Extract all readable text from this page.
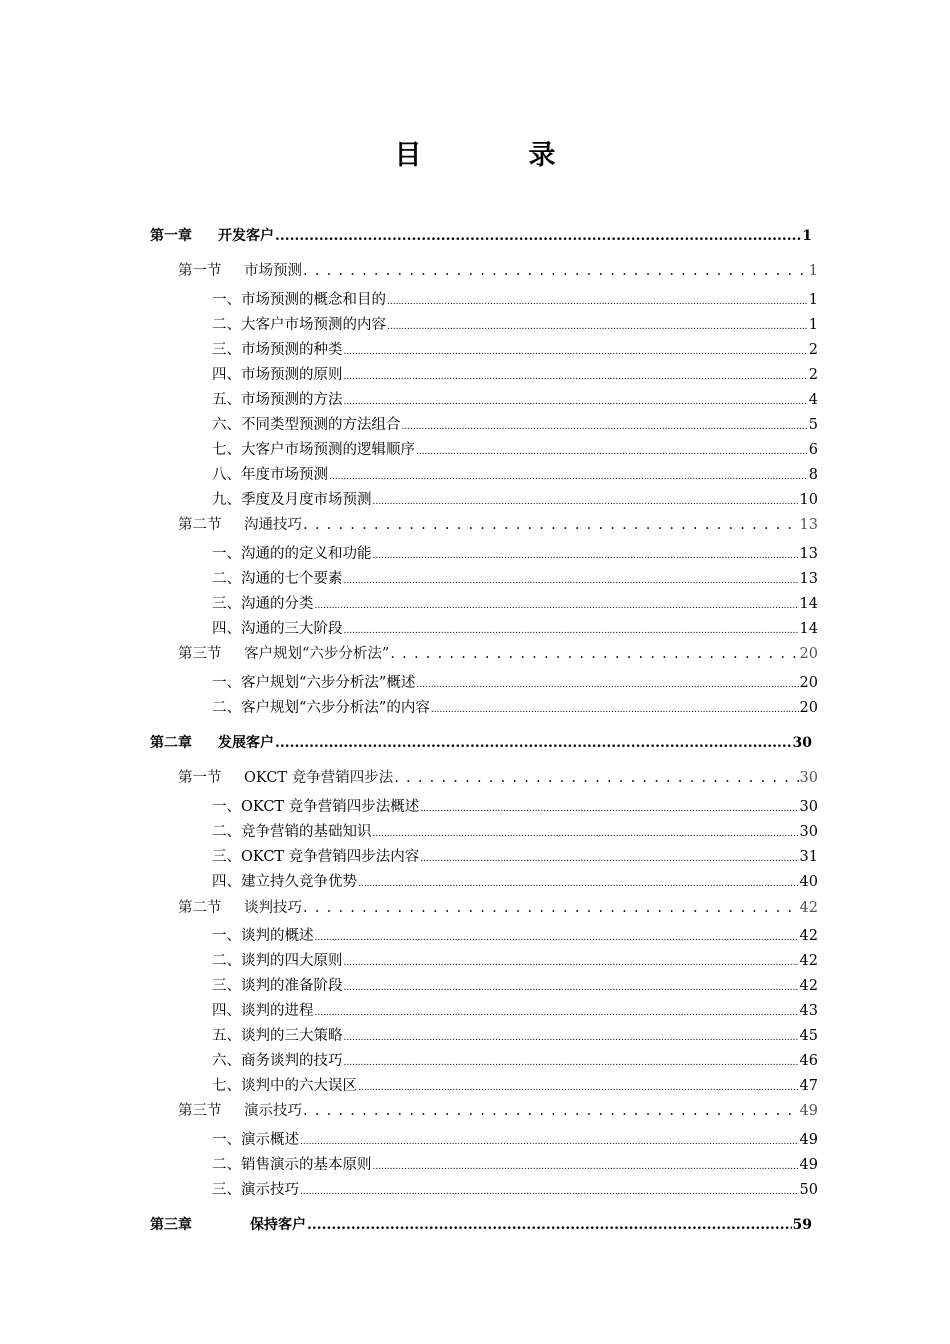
目　录
第一章	开发客户 .....	1
第一节	市场预测 . . .	1
一、市场预测的概念和目的 .....	1
二、大客户市场预测的内容 .....	1
三、市场预测的种类 .....	2
四、市场预测的原则 .....	2
五、市场预测的方法 .....	4
六、不同类型预测的方法组合 .....	5
七、大客户市场预测的逻辑顺序 .....	6
八、年度市场预测 .....	8
九、季度及月度市场预测 .....	10
第二节	沟通技巧 . . .	13
一、沟通的的定义和功能 .....	13
二、沟通的七个要素 .....	13
三、沟通的分类 .....	14
四、沟通的三大阶段 .....	14
第三节	客户规划“六步分析法” . . .	20
一、客户规划“六步分析法”概述 .....	20
二、客户规划“六步分析法”的内容 .....	20
第二章	发展客户 .....	30
第一节	OKCT 竞争营销四步法 . . .	30
一、OKCT 竞争营销四步法概述 .....	30
二、竞争营销的基础知识 .....	30
三、OKCT 竞争营销四步法内容 .....	31
四、建立持久竞争优势 .....	40
第二节	谈判技巧 . . .	42
一、谈判的概述 .....	42
二、谈判的四大原则 .....	42
三、谈判的准备阶段 .....	42
四、谈判的进程 .....	43
五、谈判的三大策略 .....	45
六、商务谈判的技巧 .....	46
七、谈判中的六大误区 .....	47
第三节	演示技巧 . . .	49
一、演示概述 .....	49
二、销售演示的基本原则 .....	49
三、演示技巧 .....	50
第三章	保持客户 .....	59
